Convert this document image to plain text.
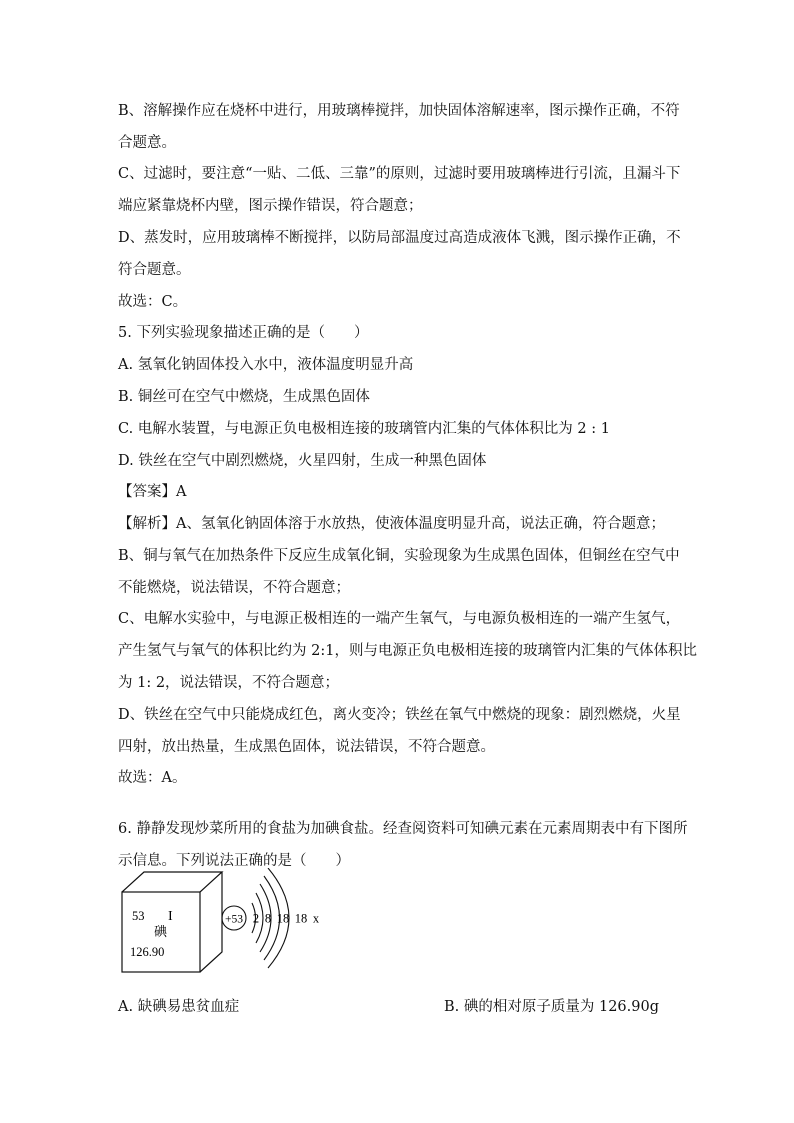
B、溶解操作应在烧杯中进行，用玻璃棒搅拌，加快固体溶解速率，图示操作正确，不符
合题意。
C、过滤时，要注意“一贴、二低、三靠”的原则，过滤时要用玻璃棒进行引流，且漏斗下
端应紧靠烧杯内壁，图示操作错误，符合题意；
D、蒸发时，应用玻璃棒不断搅拌，以防局部温度过高造成液体飞溅，图示操作正确，不
符合题意。
故选：C。
5. 下列实验现象描述正确的是（　　）
A. 氢氧化钠固体投入水中，液体温度明显升高
B. 铜丝可在空气中燃烧，生成黑色固体
C. 电解水装置，与电源正负电极相连接的玻璃管内汇集的气体体积比为 2 : 1
D. 铁丝在空气中剧烈燃烧，火星四射，生成一种黑色固体
【答案】A
【解析】A、氢氧化钠固体溶于水放热，使液体温度明显升高，说法正确，符合题意；
B、铜与氧气在加热条件下反应生成氧化铜，实验现象为生成黑色固体，但铜丝在空气中
不能燃烧，说法错误，不符合题意；
C、电解水实验中，与电源正极相连的一端产生氧气，与电源负极相连的一端产生氢气，
产生氢气与氧气的体积比约为 2:1，则与电源正负电极相连接的玻璃管内汇集的气体体积比
为 1: 2，说法错误，不符合题意；
D、铁丝在空气中只能烧成红色，离火变冷；铁丝在氧气中燃烧的现象：剧烈燃烧，火星
四射，放出热量，生成黑色固体，说法错误，不符合题意。
故选：A。
6. 静静发现炒菜所用的食盐为加碘食盐。经查阅资料可知碘元素在元素周期表中有下图所
示信息。下列说法正确的是（　　）
53 I
碘
126.90
+53 2 8 18 18 x
A. 缺碘易患贫血症	B. 碘的相对原子质量为 126.90g
